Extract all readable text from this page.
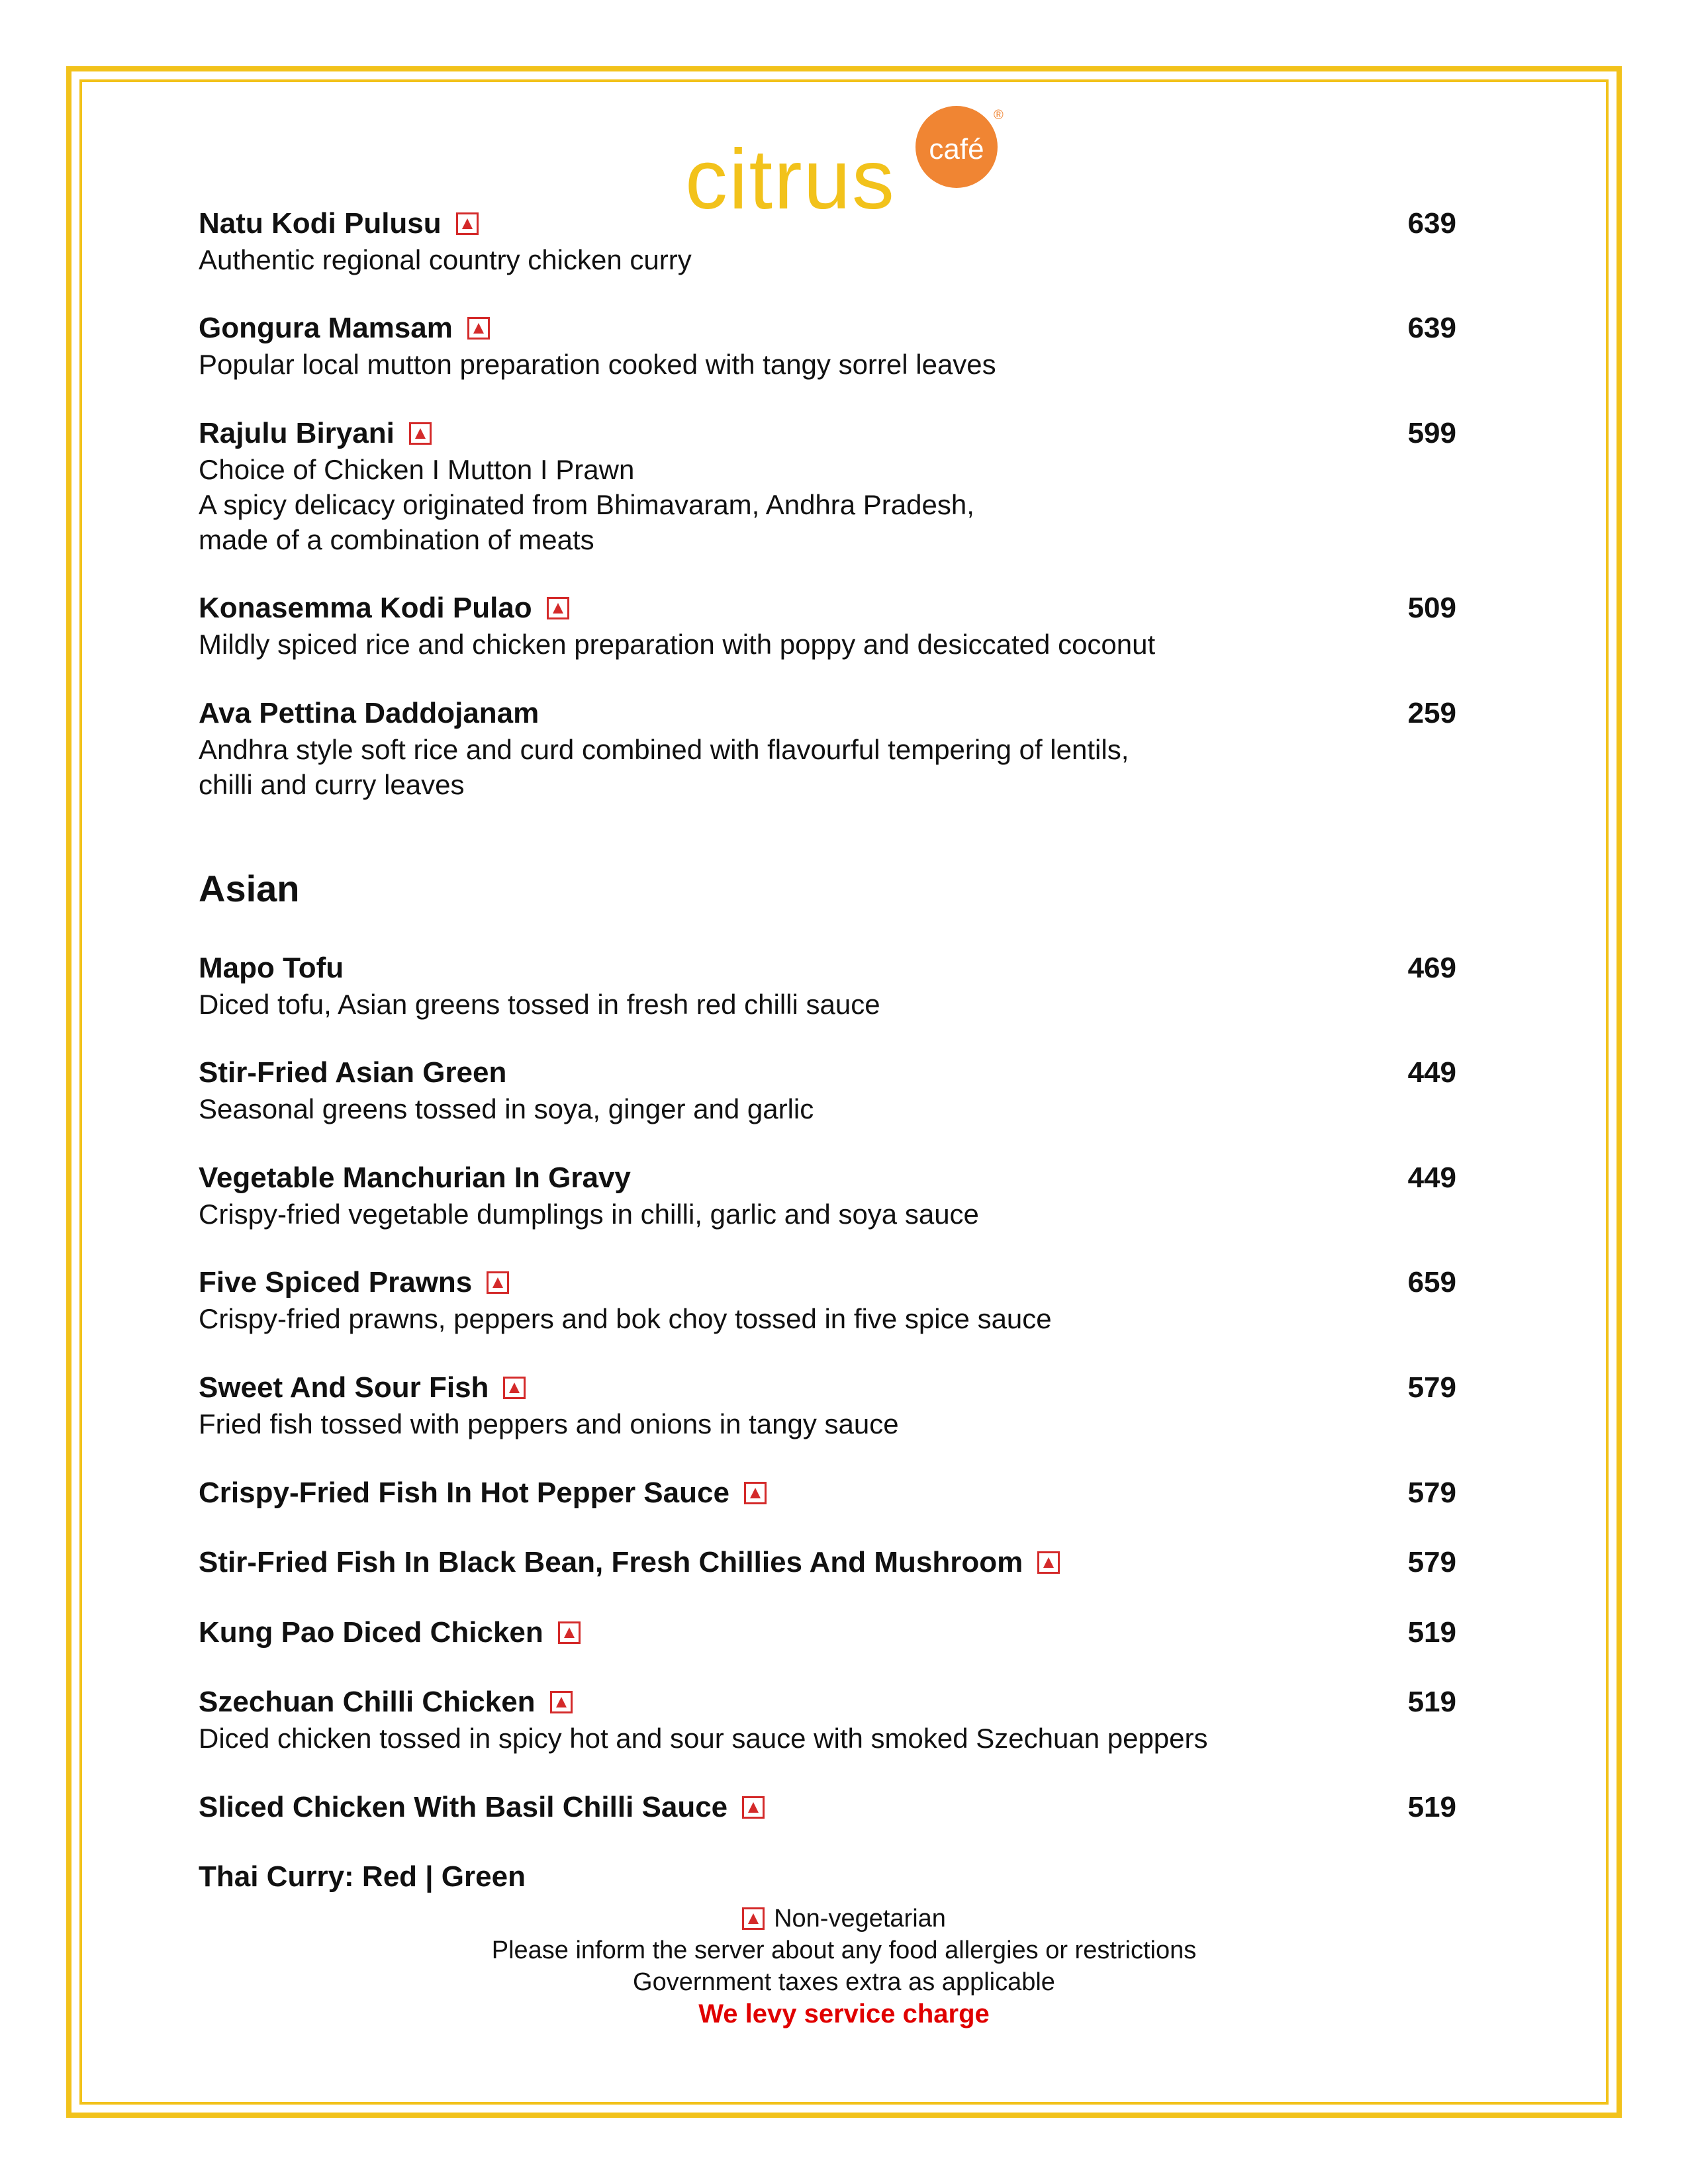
café
®
citrus
Natu Kodi Pulusu	639
Authentic regional country chicken curry
Gongura Mamsam	639
Popular local mutton preparation cooked with tangy sorrel leaves
Rajulu Biryani	599
Choice of Chicken I Mutton I Prawn
A spicy delicacy originated from Bhimavaram, Andhra Pradesh,
made of a combination of meats
Konasemma Kodi Pulao	509
Mildly spiced rice and chicken preparation with poppy and desiccated coconut
Ava Pettina Daddojanam	259
Andhra style soft rice and curd combined with flavourful tempering of lentils,
chilli and curry leaves
Asian
Mapo Tofu	469
Diced tofu, Asian greens tossed in fresh red chilli sauce
Stir-Fried Asian Green	449
Seasonal greens tossed in soya, ginger and garlic
Vegetable Manchurian In Gravy	449
Crispy-fried vegetable dumplings in chilli, garlic and soya sauce
Five Spiced Prawns	659
Crispy-fried prawns, peppers and bok choy tossed in five spice sauce
Sweet And Sour Fish	579
Fried fish tossed with peppers and onions in tangy sauce
Crispy-Fried Fish In Hot Pepper Sauce	579
Stir-Fried Fish In Black Bean, Fresh Chillies And Mushroom	579
Kung Pao Diced Chicken	519
Szechuan Chilli Chicken	519
Diced chicken tossed in spicy hot and sour sauce with smoked Szechuan peppers
Sliced Chicken With Basil Chilli Sauce	519
Thai Curry: Red | Green
Non-vegetarian
Please inform the server about any food allergies or restrictions
Government taxes extra as applicable
We levy service charge
